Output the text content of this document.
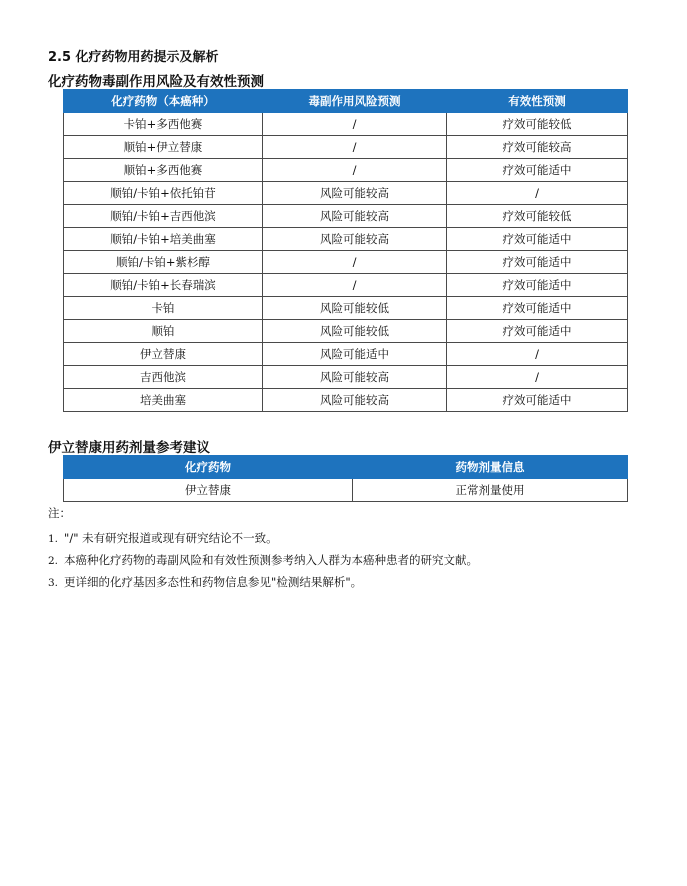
2.5 化疗药物用药提示及解析
化疗药物毒副作用风险及有效性预测
化疗药物（本癌种）	毒副作用风险预测	有效性预测
卡铂+多西他赛	/	疗效可能较低
顺铂+伊立替康	/	疗效可能较高
顺铂+多西他赛	/	疗效可能适中
顺铂/卡铂+依托铂苷	风险可能较高	/
顺铂/卡铂+吉西他滨	风险可能较高	疗效可能较低
顺铂/卡铂+培美曲塞	风险可能较高	疗效可能适中
顺铂/卡铂+紫杉醇	/	疗效可能适中
顺铂/卡铂+长春瑞滨	/	疗效可能适中
卡铂	风险可能较低	疗效可能适中
顺铂	风险可能较低	疗效可能适中
伊立替康	风险可能适中	/
吉西他滨	风险可能较高	/
培美曲塞	风险可能较高	疗效可能适中
伊立替康用药剂量参考建议
化疗药物	药物剂量信息
伊立替康	正常剂量使用
注：
1. "/" 未有研究报道或现有研究结论不一致。
2. 本癌种化疗药物的毒副风险和有效性预测参考纳入人群为本癌种患者的研究文献。
3. 更详细的化疗基因多态性和药物信息参见"检测结果解析"。
